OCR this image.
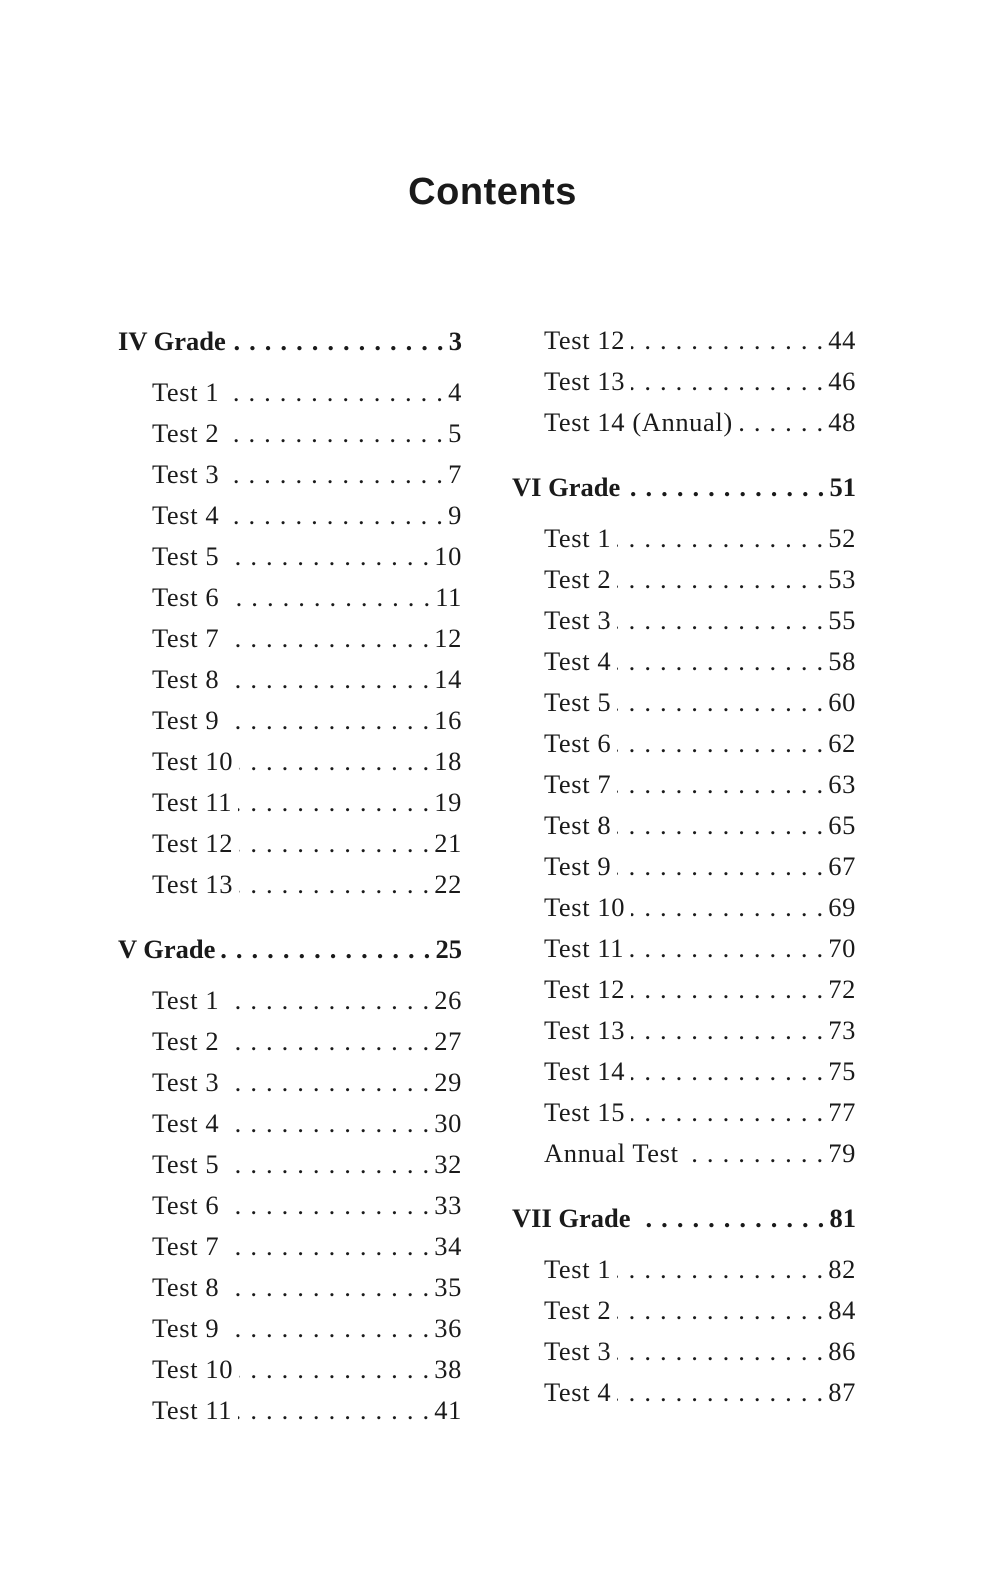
Contents
IV Grade . . .	3
Test 1 . . .	4
Test 2 . . .	5
Test 3 . . .	7
Test 4 . . .	9
Test 5 . . .	10
Test 6 . . .	11
Test 7 . . .	12
Test 8 . . .	14
Test 9 . . .	16
Test 10 . . .	18
Test 11 . . .	19
Test 12 . . .	21
Test 13 . . .	22
V Grade . . .	25
Test 1 . . .	26
Test 2 . . .	27
Test 3 . . .	29
Test 4 . . .	30
Test 5 . . .	32
Test 6 . . .	33
Test 7 . . .	34
Test 8 . . .	35
Test 9 . . .	36
Test 10 . . .	38
Test 11 . . .	41
Test 12 . . .	44
Test 13 . . .	46
Test 14 (Annual) . . .	48
VI Grade . . .	51
Test 1 . . .	52
Test 2 . . .	53
Test 3 . . .	55
Test 4 . . .	58
Test 5 . . .	60
Test 6 . . .	62
Test 7 . . .	63
Test 8 . . .	65
Test 9 . . .	67
Test 10 . . .	69
Test 11 . . .	70
Test 12 . . .	72
Test 13 . . .	73
Test 14 . . .	75
Test 15 . . .	77
Annual Test . . .	79
VII Grade . . .	81
Test 1 . . .	82
Test 2 . . .	84
Test 3 . . .	86
Test 4 . . .	87
